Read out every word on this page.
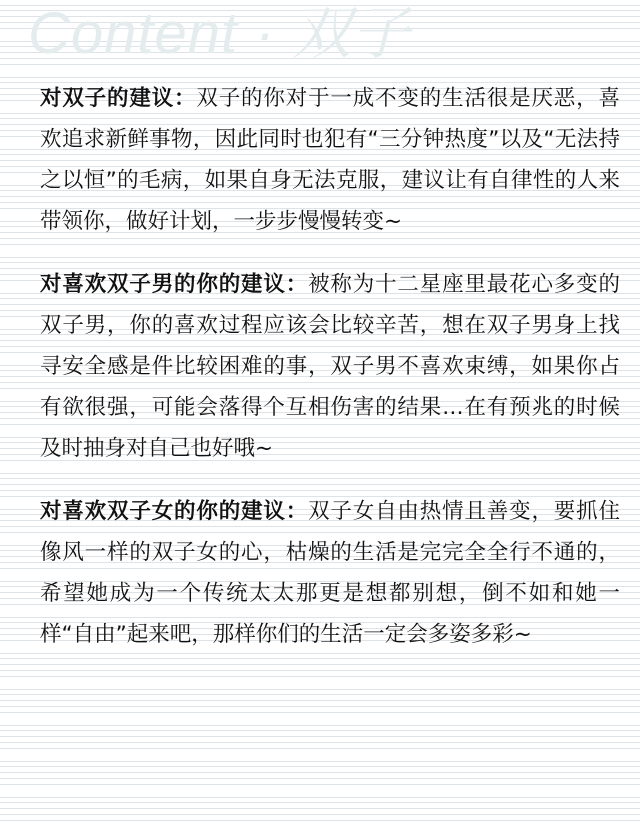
Content · 双子

对双子的建议：双子的你对于一成不变的生活很是厌恶，喜欢追求新鲜事物，因此同时也犯有“三分钟热度”以及“无法持之以恒”的毛病，如果自身无法克服，建议让有自律性的人来带领你，做好计划，一步步慢慢转变~

对喜欢双子男的你的建议：被称为十二星座里最花心多变的双子男，你的喜欢过程应该会比较辛苦，想在双子男身上找寻安全感是件比较困难的事，双子男不喜欢束缚，如果你占有欲很强，可能会落得个互相伤害的结果…在有预兆的时候及时抽身对自己也好哦~

对喜欢双子女的你的建议：双子女自由热情且善变，要抓住像风一样的双子女的心，枯燥的生活是完完全全行不通的，希望她成为一个传统太太那更是想都别想，倒不如和她一样“自由”起来吧，那样你们的生活一定会多姿多彩~
